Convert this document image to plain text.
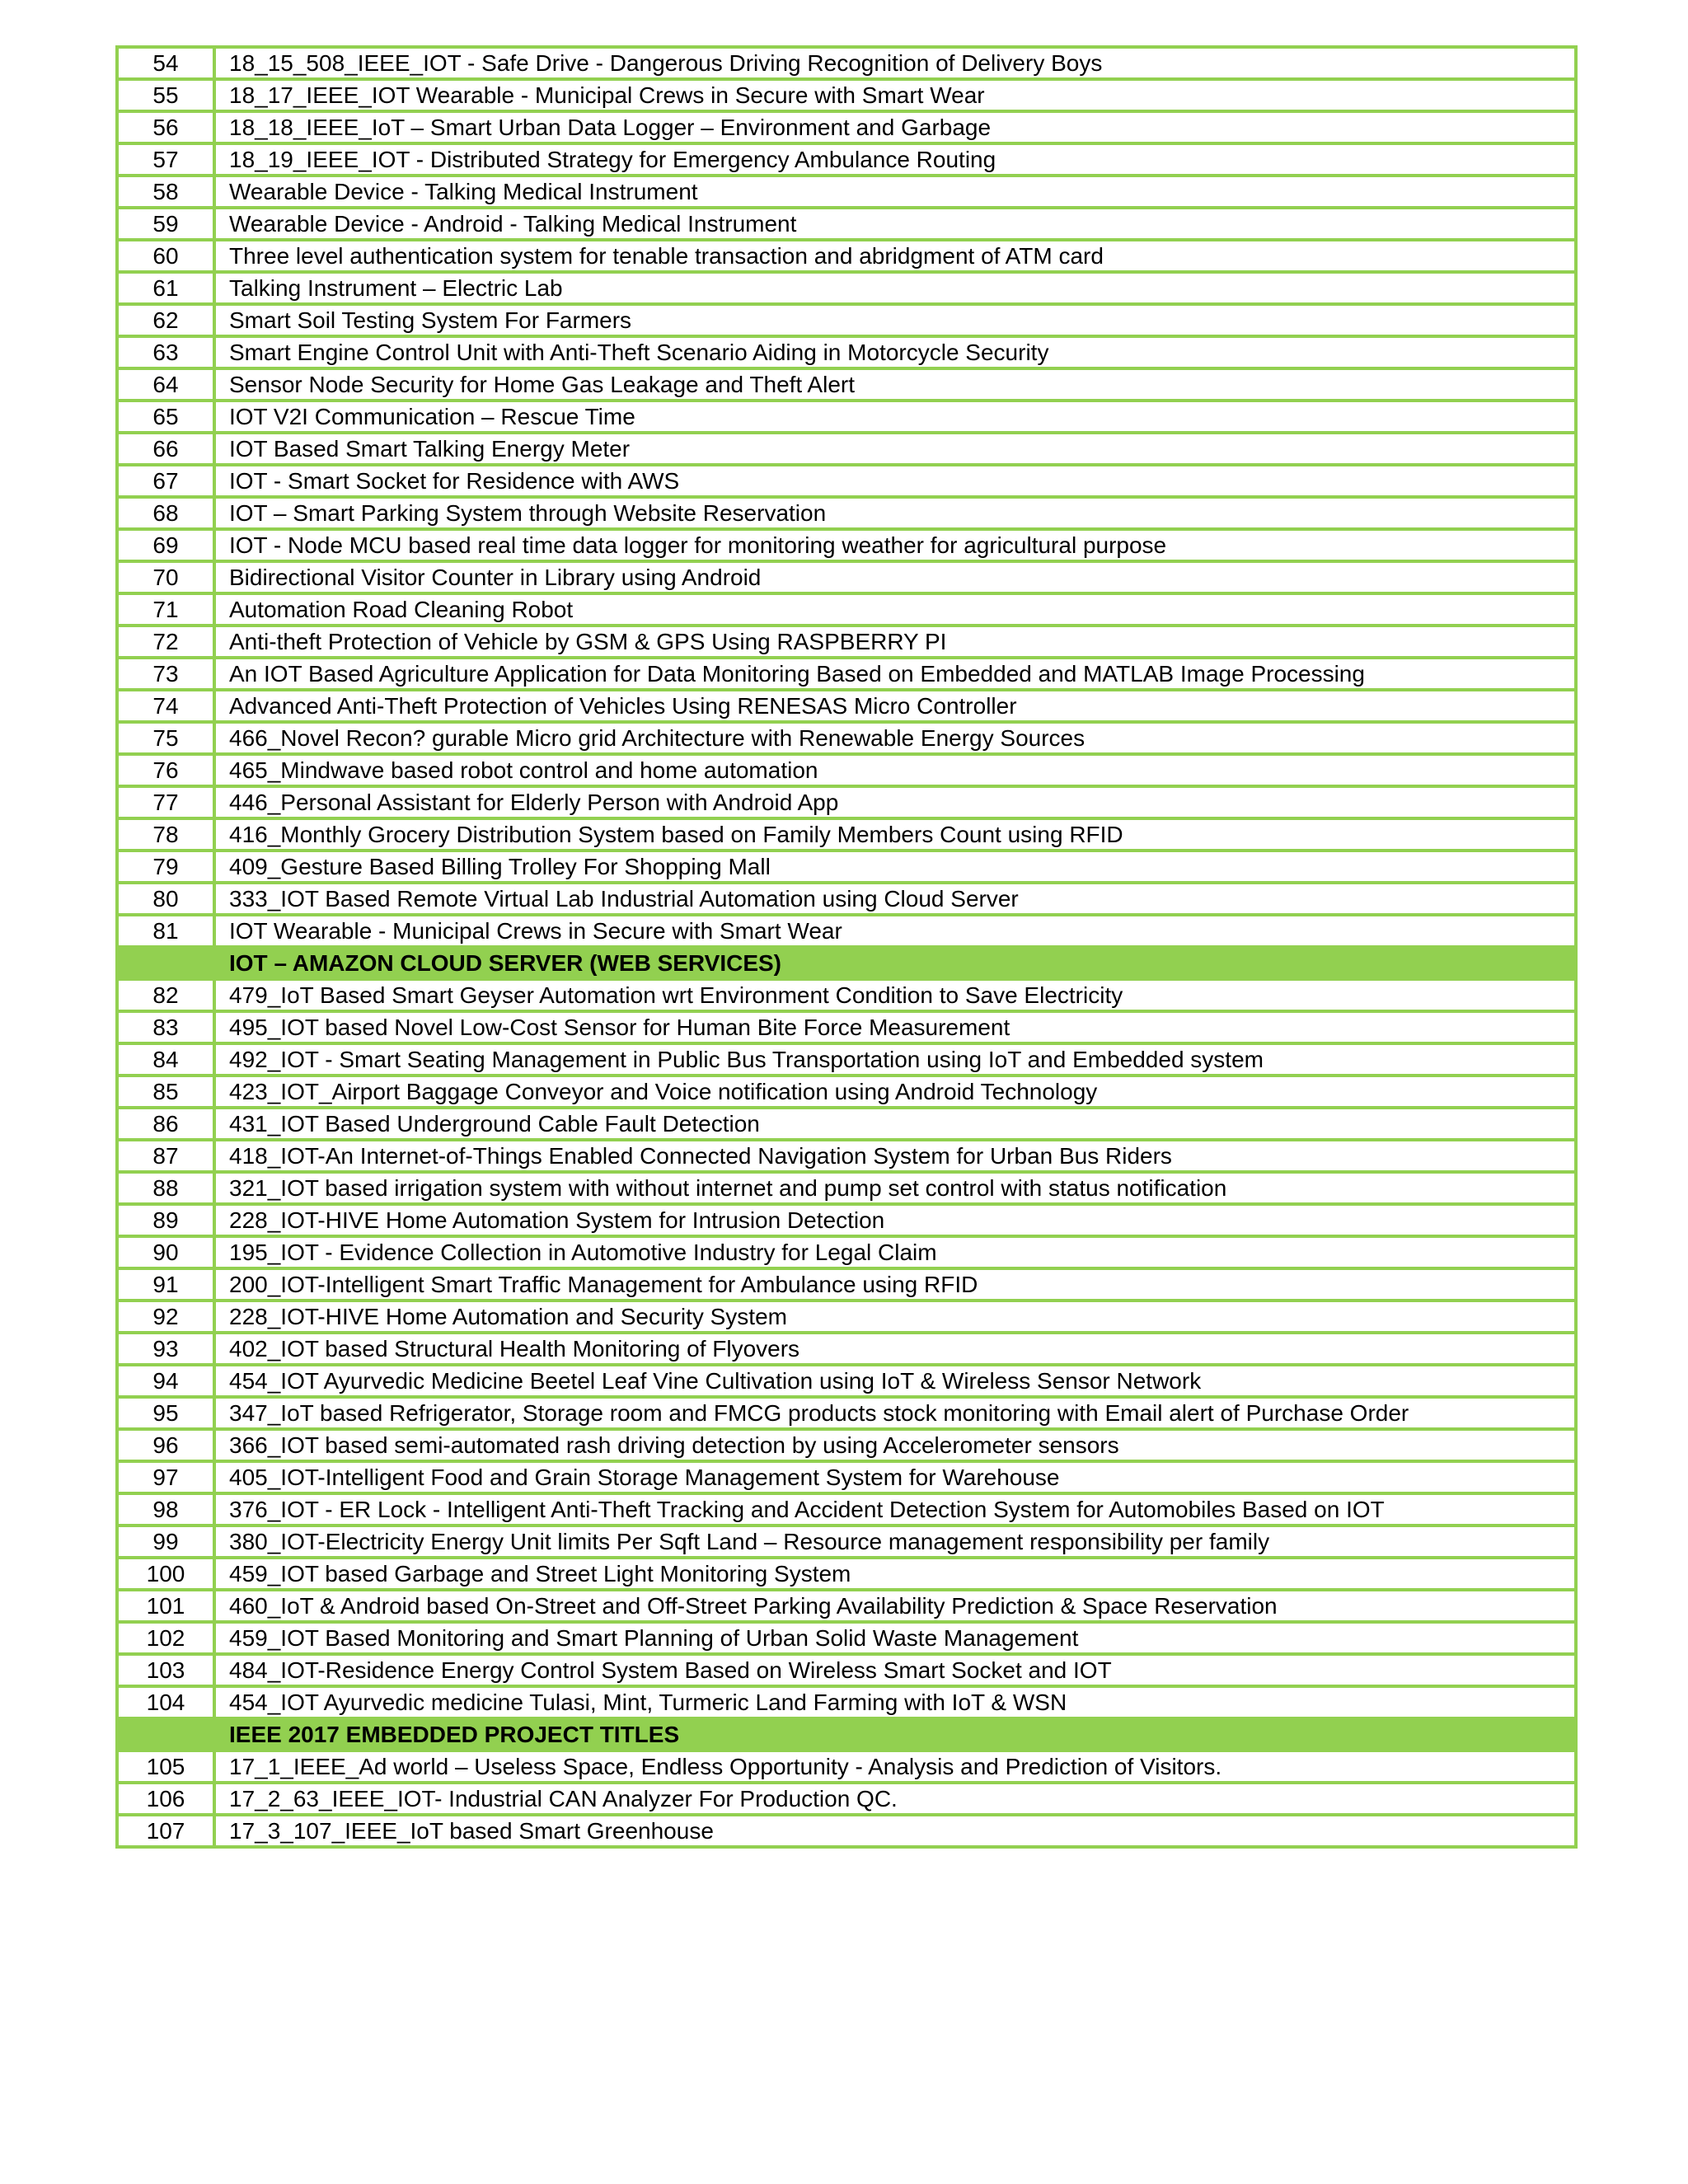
54	18_15_508_IEEE_IOT - Safe Drive - Dangerous Driving Recognition of Delivery Boys
55	18_17_IEEE_IOT Wearable - Municipal Crews in Secure with Smart Wear
56	18_18_IEEE_IoT – Smart Urban Data Logger – Environment and Garbage
57	18_19_IEEE_IOT - Distributed Strategy for Emergency Ambulance Routing
58	Wearable Device - Talking Medical Instrument
59	Wearable Device - Android - Talking Medical Instrument
60	Three level authentication system for tenable transaction and abridgment of ATM card
61	Talking Instrument – Electric Lab
62	Smart Soil Testing System For Farmers
63	Smart Engine Control Unit with Anti-Theft Scenario Aiding in Motorcycle Security
64	Sensor Node Security for Home Gas Leakage and Theft Alert
65	IOT V2I Communication – Rescue Time
66	IOT Based Smart Talking Energy Meter
67	IOT - Smart Socket for Residence with AWS
68	IOT – Smart Parking System through Website Reservation
69	IOT - Node MCU based real time data logger for monitoring weather for agricultural purpose
70	Bidirectional Visitor Counter in Library using Android
71	Automation Road Cleaning Robot
72	Anti-theft Protection of Vehicle by GSM & GPS Using RASPBERRY PI
73	An IOT Based Agriculture Application for Data Monitoring Based on Embedded and MATLAB Image Processing
74	Advanced Anti-Theft Protection of Vehicles Using RENESAS Micro Controller
75	466_Novel Recon? gurable Micro grid Architecture with Renewable Energy Sources
76	465_Mindwave based robot control and home automation
77	446_Personal Assistant for Elderly Person with Android App
78	416_Monthly Grocery Distribution System based on Family Members Count using RFID
79	409_Gesture Based Billing Trolley For Shopping Mall
80	333_IOT Based Remote Virtual Lab Industrial Automation using Cloud Server
81	IOT Wearable - Municipal Crews in Secure with Smart Wear
	IOT – AMAZON CLOUD SERVER (WEB SERVICES)
82	479_IoT Based Smart Geyser Automation wrt Environment Condition to Save Electricity
83	495_IOT based Novel Low-Cost Sensor for Human Bite Force Measurement
84	492_IOT - Smart Seating Management in Public Bus Transportation using IoT and Embedded system
85	423_IOT_Airport Baggage Conveyor and Voice notification using Android Technology
86	431_IOT Based Underground Cable Fault Detection
87	418_IOT-An Internet-of-Things Enabled Connected Navigation System for Urban Bus Riders
88	321_IOT based irrigation system with without internet and pump set control with status notification
89	228_IOT-HIVE Home Automation System for Intrusion Detection
90	195_IOT - Evidence Collection in Automotive Industry for Legal Claim
91	200_IOT-Intelligent Smart Traffic Management for Ambulance using RFID
92	228_IOT-HIVE Home Automation and Security System
93	402_IOT based Structural Health Monitoring of Flyovers
94	454_IOT Ayurvedic Medicine Beetel Leaf Vine Cultivation using IoT & Wireless Sensor Network
95	347_IoT based Refrigerator, Storage room and FMCG products stock monitoring with Email alert of Purchase Order
96	366_IOT based semi-automated rash driving detection by using Accelerometer sensors
97	405_IOT-Intelligent Food and Grain Storage Management System for Warehouse
98	376_IOT - ER Lock - Intelligent Anti-Theft Tracking and Accident Detection System for Automobiles Based on IOT
99	380_IOT-Electricity Energy Unit limits Per Sqft Land – Resource management responsibility per family
100	459_IOT based Garbage and Street Light Monitoring System
101	460_IoT & Android based On-Street and Off-Street Parking Availability Prediction & Space Reservation
102	459_IOT Based Monitoring and Smart Planning of Urban Solid Waste Management
103	484_IOT-Residence Energy Control System Based on Wireless Smart Socket and IOT
104	454_IOT Ayurvedic medicine Tulasi, Mint, Turmeric Land Farming with IoT & WSN
	IEEE 2017 EMBEDDED PROJECT TITLES
105	17_1_IEEE_Ad world – Useless Space, Endless Opportunity - Analysis and Prediction of Visitors.
106	17_2_63_IEEE_IOT- Industrial CAN Analyzer For Production QC.
107	17_3_107_IEEE_IoT based Smart Greenhouse
